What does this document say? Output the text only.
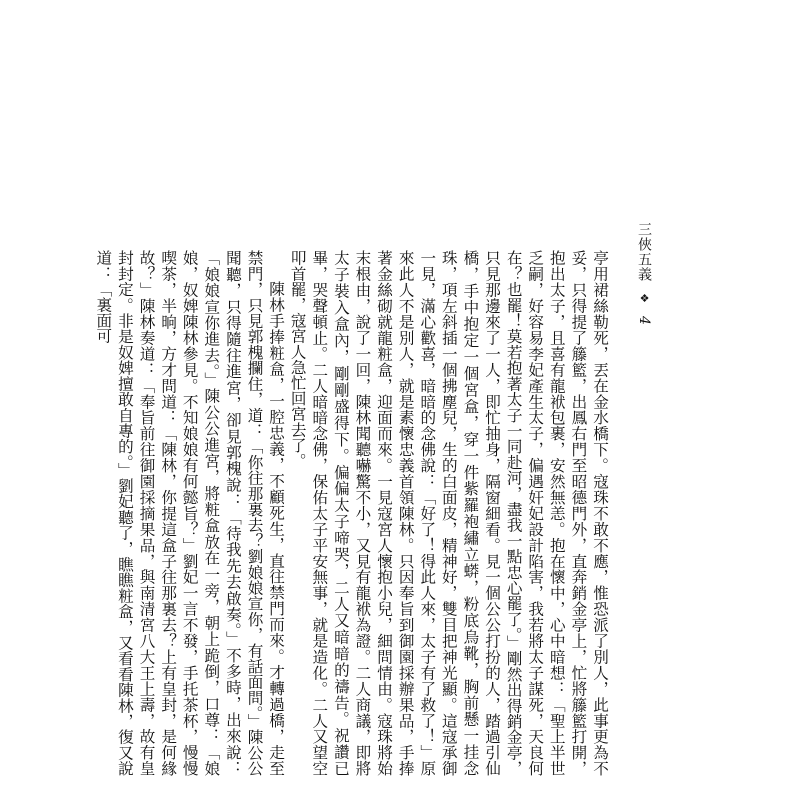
三俠五義
❖
4

亭用裙絲勒死，丟在金水橋下。寇珠不敢不應，惟恐派了別人，此事更為不妥，只得提了籐籃，出鳳右門至昭德門外，直奔銷金亭上，忙將籐籃打開，抱出太子，且喜有龍袱包裹，安然無恙。抱在懷中，心中暗想：「聖上半世乏嗣，好容易李妃產生太子，偏遇奸妃設計陷害，我若將太子謀死，天良何在？也罷！莫若抱著太子一同赴河，盡我一點忠心罷了。」剛然出得銷金亭，只見那邊來了一人，即忙抽身，隔窗細看。見一個公公打扮的人，踏過引仙橋，手中抱定一個宮盒，穿一件紫羅袍繡立蟒，粉底烏靴，胸前懸一挂念珠，項左斜插一個拂塵兒，生的白面皮，精神好，雙目把神光顯。這寇承御一見，滿心歡喜，暗暗的念佛說：「好了！得此人來，太子有了救了！」原來此人不是別人，就是素懷忠義首領陳林。只因奉旨到御園採辦果品，手捧著金絲砌就龍粧盒，迎面而來。一見寇宮人懷抱小兒，細問情由。寇珠將始末根由，說了一回，陳林聞聽嚇驚不小，又見有龍袱為證。二人商議，即將太子裝入盒內，剛剛盛得下。偏偏太子啼哭，二人又暗暗的禱告。祝讚已畢，哭聲頓止。二人暗暗念佛，保佑太子平安無事，就是造化。二人又望空叩首罷，寇宮人急忙回宮去了。

陳林手捧粧盒，一腔忠義，不顧死生，直往禁門而來。才轉過橋，走至禁門，只見郭槐攔住，道：「你往那裏去？劉娘娘宣你，有話面問。」陳公公聞聽，只得隨往進宮，卻見郭槐說：「待我先去啟奏。」不多時，出來說：「娘娘宣你進去。」陳公公進宮，將粧盒放在一旁，朝上跪倒，口尊：「娘娘，奴婢陳林參見。不知娘娘有何懿旨？」劉妃一言不發，手托茶杯，慢慢喫茶，半晌，方才問道：「陳林，你提這盒子往那裏去？上有皇封，是何緣故？」陳林奏道：「奉旨前往御園採摘果品，與南清宮八大王上壽，故有皇封封定。非是奴婢擅敢自專的。」劉妃聽了，瞧瞧粧盒，又看看陳林，復又說道：「裏面可
